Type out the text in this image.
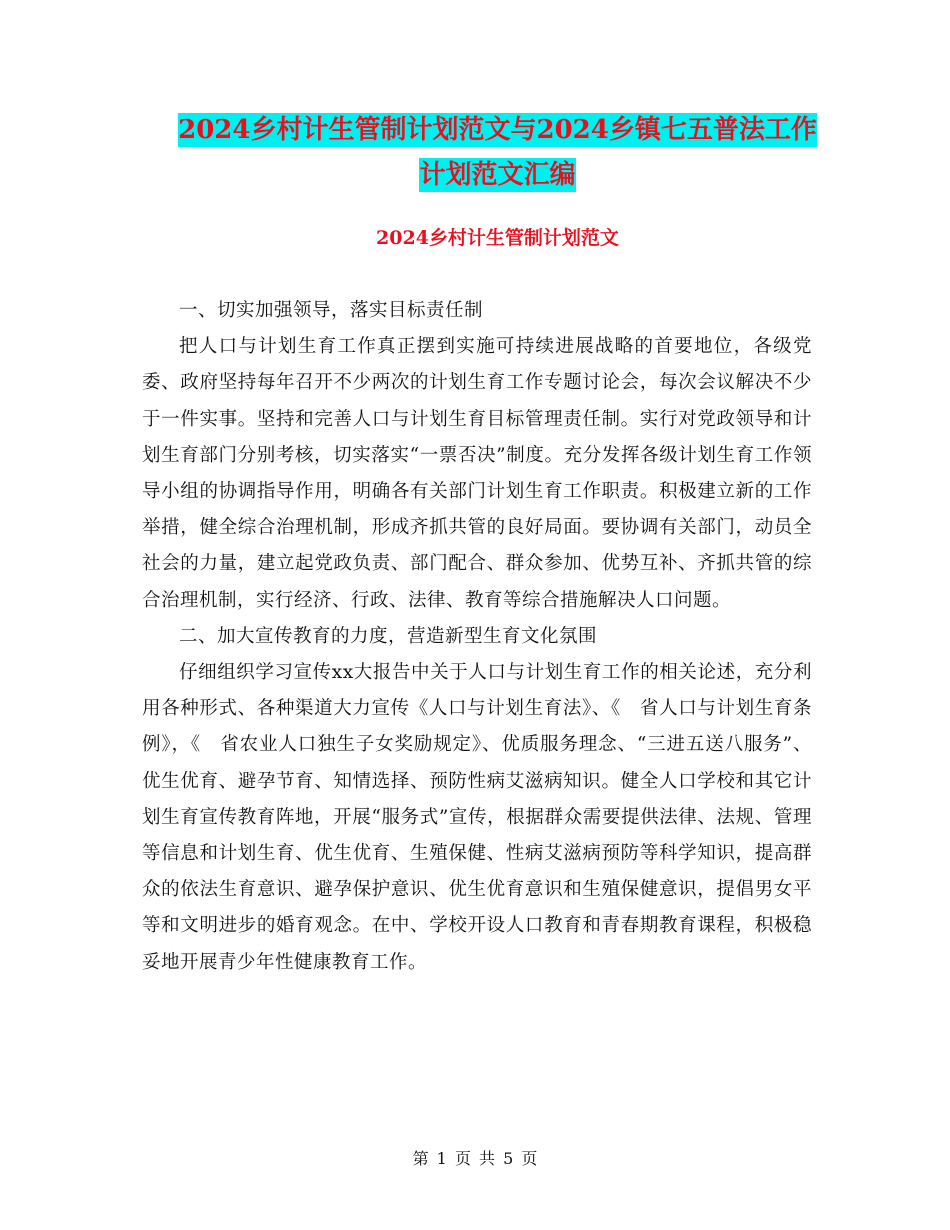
2024乡村计生管制计划范文与2024乡镇七五普法工作
计划范文汇编
2024乡村计生管制计划范文

一、切实加强领导，落实目标责任制

把人口与计划生育工作真正摆到实施可持续进展战略的首要地位，各级党委、政府坚持每年召开不少两次的计划生育工作专题讨论会，每次会议解决不少于一件实事。坚持和完善人口与计划生育目标管理责任制。实行对党政领导和计划生育部门分别考核，切实落实“一票否决”制度。充分发挥各级计划生育工作领导小组的协调指导作用，明确各有关部门计划生育工作职责。积极建立新的工作举措，健全综合治理机制，形成齐抓共管的良好局面。要协调有关部门，动员全社会的力量，建立起党政负责、部门配合、群众参加、优势互补、齐抓共管的综合治理机制，实行经济、行政、法律、教育等综合措施解决人口问题。

二、加大宣传教育的力度，营造新型生育文化氛围

仔细组织学习宣传xx大报告中关于人口与计划生育工作的相关论述，充分利用各种形式、各种渠道大力宣传《人口与计划生育法》、《　省人口与计划生育条例》，《　省农业人口独生子女奖励规定》、优质服务理念、“三进五送八服务”、优生优育、避孕节育、知情选择、预防性病艾滋病知识。健全人口学校和其它计划生育宣传教育阵地，开展“服务式”宣传，根据群众需要提供法律、法规、管理等信息和计划生育、优生优育、生殖保健、性病艾滋病预防等科学知识，提高群众的依法生育意识、避孕保护意识、优生优育意识和生殖保健意识，提倡男女平等和文明进步的婚育观念。在中、学校开设人口教育和青春期教育课程，积极稳妥地开展青少年性健康教育工作。

第 1 页 共 5 页
